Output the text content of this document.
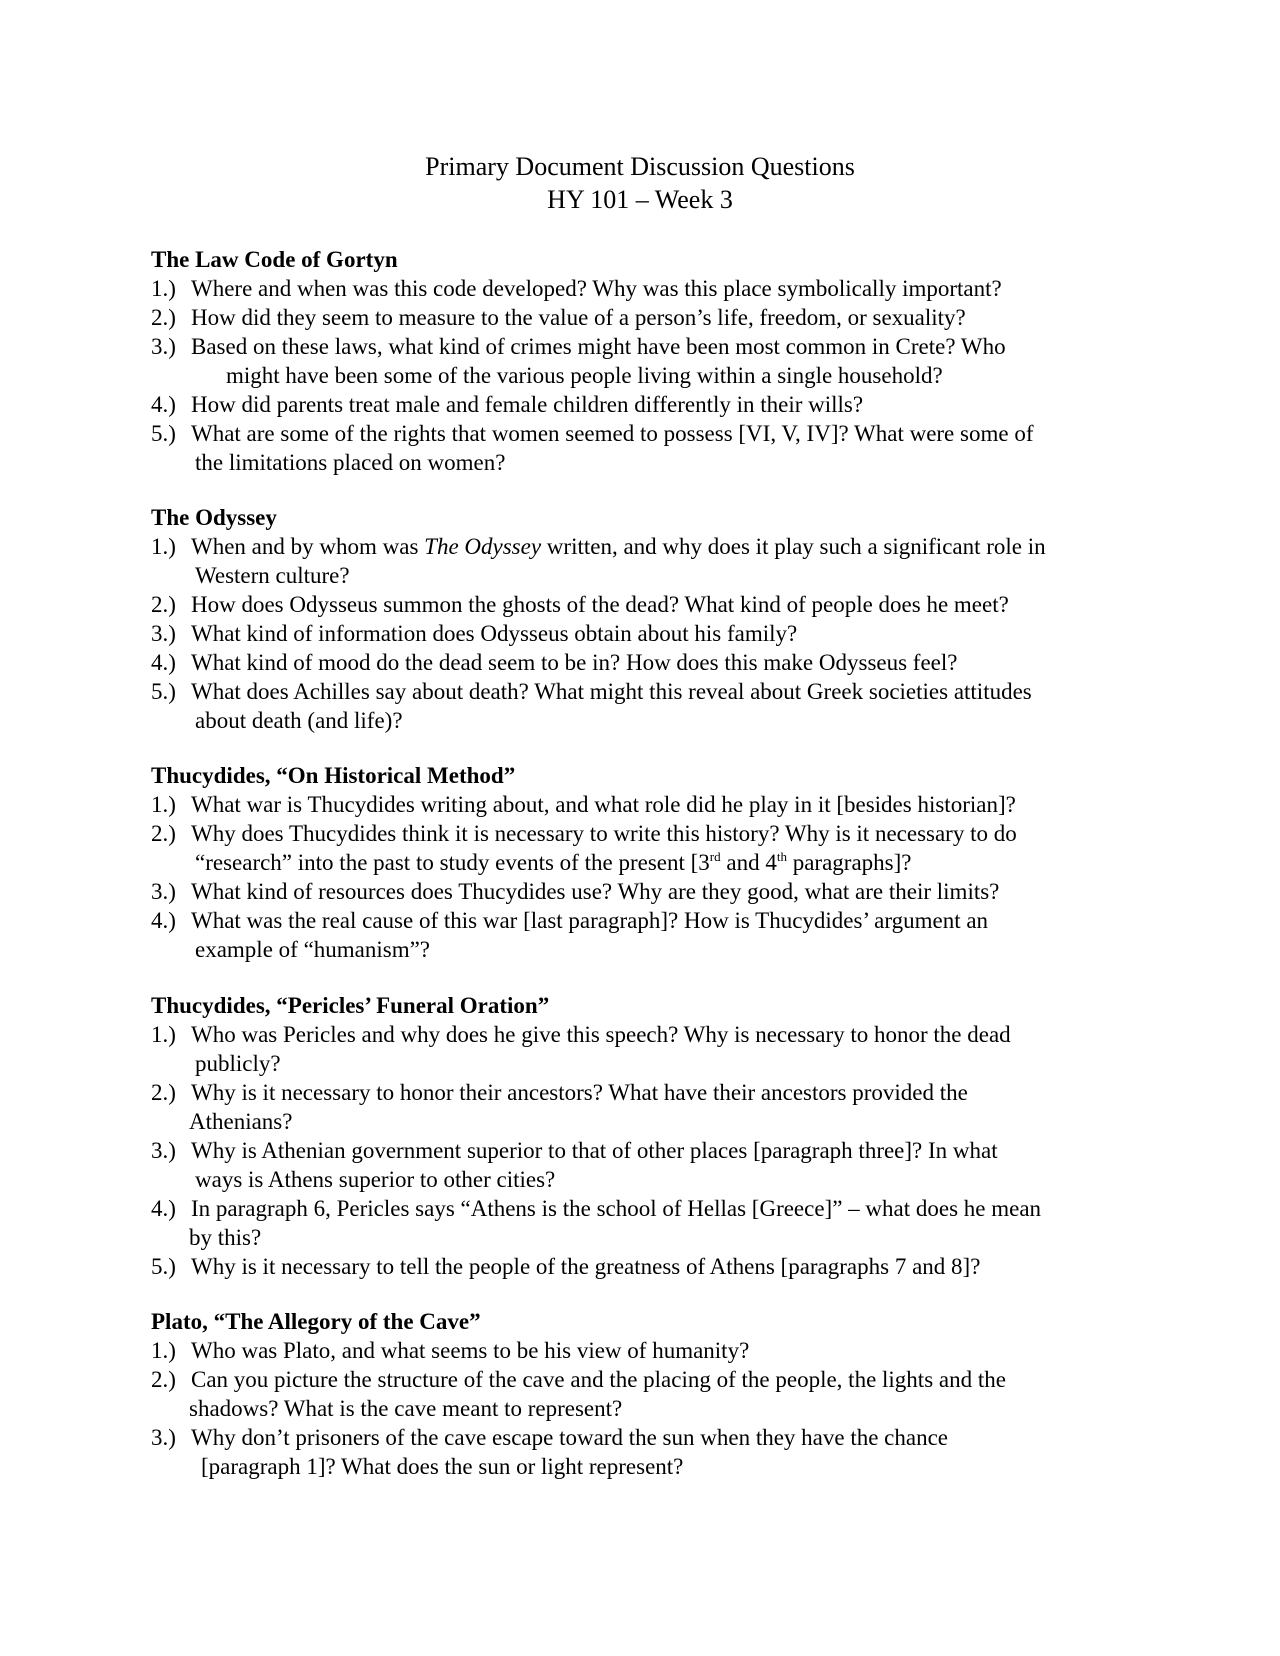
Primary Document Discussion Questions
HY 101 – Week 3
The Law Code of Gortyn
1.) Where and when was this code developed? Why was this place symbolically important?
2.) How did they seem to measure to the value of a person’s life, freedom, or sexuality?
3.) Based on these laws, what kind of crimes might have been most common in Crete? Who
might have been some of the various people living within a single household?
4.) How did parents treat male and female children differently in their wills?
5.) What are some of the rights that women seemed to possess [VI, V, IV]? What were some of
the limitations placed on women?
The Odyssey
1.) When and by whom was The Odyssey written, and why does it play such a significant role in
Western culture?
2.) How does Odysseus summon the ghosts of the dead? What kind of people does he meet?
3.) What kind of information does Odysseus obtain about his family?
4.) What kind of mood do the dead seem to be in? How does this make Odysseus feel?
5.) What does Achilles say about death? What might this reveal about Greek societies attitudes
about death (and life)?
Thucydides, “On Historical Method”
1.) What war is Thucydides writing about, and what role did he play in it [besides historian]?
2.) Why does Thucydides think it is necessary to write this history? Why is it necessary to do
“research” into the past to study events of the present [3rd and 4th paragraphs]?
3.) What kind of resources does Thucydides use? Why are they good, what are their limits?
4.) What was the real cause of this war [last paragraph]? How is Thucydides’ argument an
example of “humanism”?
Thucydides, “Pericles’ Funeral Oration”
1.) Who was Pericles and why does he give this speech? Why is necessary to honor the dead
publicly?
2.) Why is it necessary to honor their ancestors? What have their ancestors provided the
Athenians?
3.) Why is Athenian government superior to that of other places [paragraph three]? In what
ways is Athens superior to other cities?
4.) In paragraph 6, Pericles says “Athens is the school of Hellas [Greece]” – what does he mean
by this?
5.) Why is it necessary to tell the people of the greatness of Athens [paragraphs 7 and 8]?
Plato, “The Allegory of the Cave”
1.) Who was Plato, and what seems to be his view of humanity?
2.) Can you picture the structure of the cave and the placing of the people, the lights and the
shadows? What is the cave meant to represent?
3.) Why don’t prisoners of the cave escape toward the sun when they have the chance
[paragraph 1]? What does the sun or light represent?
